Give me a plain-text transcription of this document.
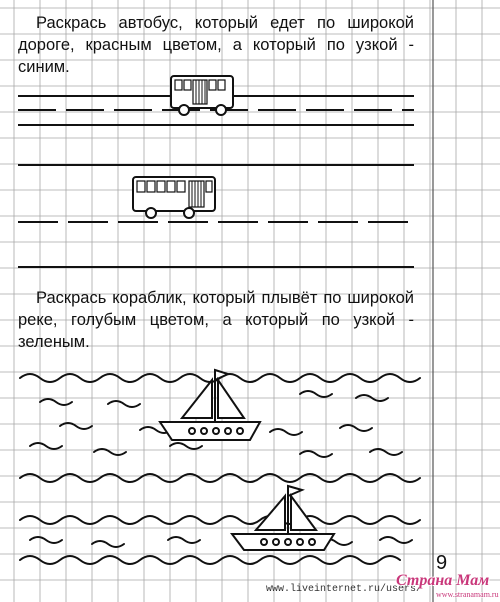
Раскрась автобус, который едет по широкой дороге, красным цветом, а который по узкой - синим.

Раскрась кораблик, который плывёт по широкой реке, голубым цветом, а который по узкой - зеленым.

9
www.liveinternet.ru/users/
Страна Мам
www.stranamam.ru
